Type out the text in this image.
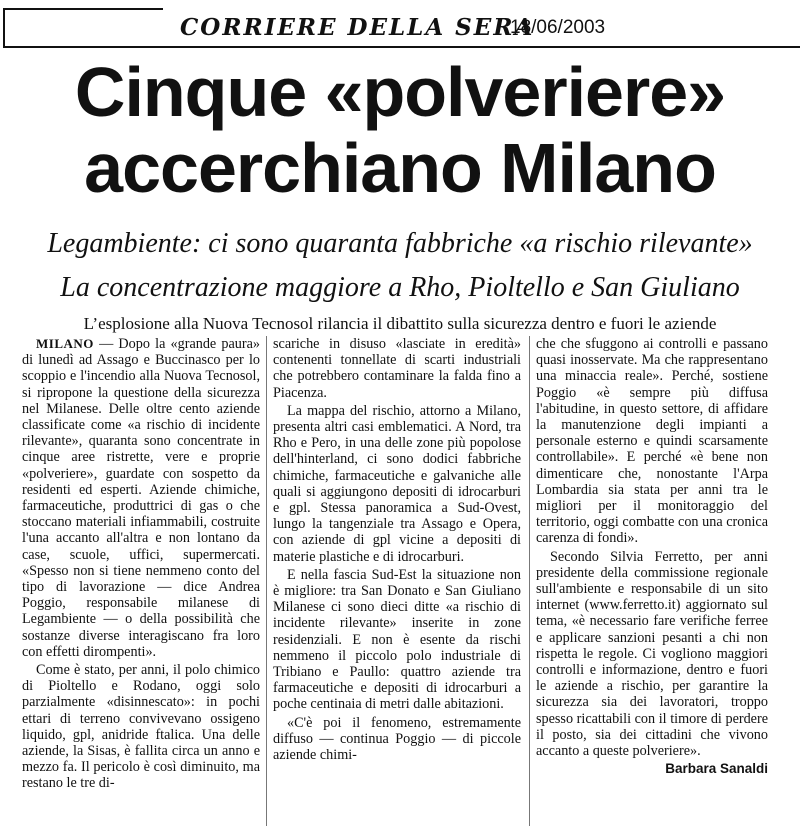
CORRIERE DELLA SERA
18/06/2003
Cinque «polveriere»
accerchiano Milano
Legambiente: ci sono quaranta fabbriche «a rischio rilevante»
La concentrazione maggiore a Rho, Pioltello e San Giuliano
L’esplosione alla Nuova Tecnosol rilancia il dibattito sulla sicurezza dentro e fuori le aziende

MILANO — Dopo la «grande paura» di lunedì ad Assago e Buccinasco per lo scoppio e l'incendio alla Nuova Tecnosol, si ripropone la questione della sicurezza nel Milanese. Delle oltre cento aziende classificate come «a rischio di incidente rilevante», quaranta sono concentrate in cinque aree ristrette, vere e proprie «polveriere», guardate con sospetto da residenti ed esperti. Aziende chimiche, farmaceutiche, produttrici di gas o che stoccano materiali infiammabili, costruite l'una accanto all'altra e non lontano da case, scuole, uffici, supermercati. «Spesso non si tiene nemmeno conto del tipo di lavorazione — dice Andrea Poggio, responsabile milanese di Legambiente — o della possibilità che sostanze diverse interagiscano fra loro con effetti dirompenti».

Come è stato, per anni, il polo chimico di Pioltello e Rodano, oggi solo parzialmente «disinnescato»: in pochi ettari di terreno convivevano ossigeno liquido, gpl, anidride ftalica. Una delle aziende, la Sisas, è fallita circa un anno e mezzo fa. Il pericolo è così diminuito, ma restano le tre di-

scariche in disuso «lasciate in eredità» contenenti tonnellate di scarti industriali che potrebbero contaminare la falda fino a Piacenza.

La mappa del rischio, attorno a Milano, presenta altri casi emblematici. A Nord, tra Rho e Pero, in una delle zone più popolose dell'hinterland, ci sono dodici fabbriche chimiche, farmaceutiche e galvaniche alle quali si aggiungono depositi di idrocarburi e gpl. Stessa panoramica a Sud-Ovest, lungo la tangenziale tra Assago e Opera, con aziende di gpl vicine a depositi di materie plastiche e di idrocarburi.

E nella fascia Sud-Est la situazione non è migliore: tra San Donato e San Giuliano Milanese ci sono dieci ditte «a rischio di incidente rilevante» inserite in zone residenziali. E non è esente da rischi nemmeno il piccolo polo industriale di Tribiano e Paullo: quattro aziende tra farmaceutiche e depositi di idrocarburi a poche centinaia di metri dalle abitazioni.

«C'è poi il fenomeno, estremamente diffuso — continua Poggio — di piccole aziende chimi-

che che sfuggono ai controlli e passano quasi inosservate. Ma che rappresentano una minaccia reale». Perché, sostiene Poggio «è sempre più diffusa l'abitudine, in questo settore, di affidare la manutenzione degli impianti a personale esterno e quindi scarsamente controllabile». E perché «è bene non dimenticare che, nonostante l'Arpa Lombardia sia stata per anni tra le migliori per il monitoraggio del territorio, oggi combatte con una cronica carenza di fondi».

Secondo Silvia Ferretto, per anni presidente della commissione regionale sull'ambiente e responsabile di un sito internet (www.ferretto.it) aggiornato sul tema, «è necessario fare verifiche ferree e applicare sanzioni pesanti a chi non rispetta le regole. Ci vogliono maggiori controlli e informazione, dentro e fuori le aziende a rischio, per garantire la sicurezza sia dei lavoratori, troppo spesso ricattabili con il timore di perdere il posto, sia dei cittadini che vivono accanto a queste polveriere».

Barbara Sanaldi
